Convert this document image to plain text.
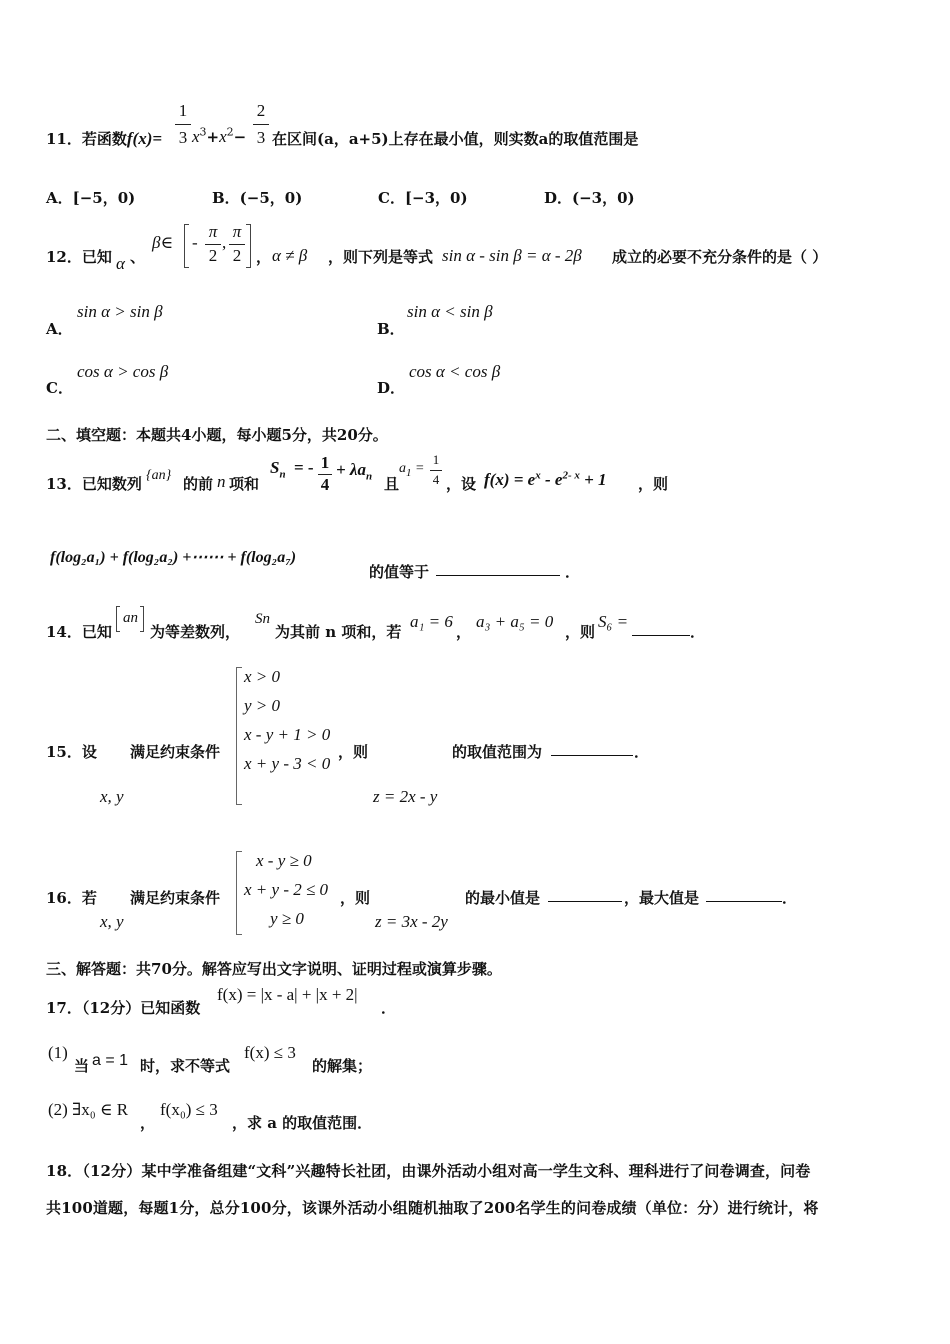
11．若函数f(x)=
1
3 $x^3+x^2-$
2
3 在区间(a，a+5)上存在最小值，则实数a的取值范围是
A．[−5，0)	B．(−5，0)	C．[−3，0)	D．(−3，0)
12．已知 α 、
β∈ -
π
2
,
π
2 ， α ≠ β ，则下列是等式 sin α - sin β = α - 2β 成立的必要不充分条件的是（ ）
A．
sin α > sin β
B．
sin α < sin β
C．
cos α > cos β
D．
cos α < cos β
二、填空题：本题共4小题，每小题5分，共20分。
13．已知数列 {an} 的前 n 项和
$S_n$ = - 1
4
+ $\lambda a_n$ 且
$a_1$ =
1
4 ，设 $f(x) = e^x - e^{2- x} + 1$ ，则
f(log₂a₁) + f(log₂a₂) +⋯⋯ + f(log₂a₇)
的值等于	．
14．已知
an
为等差数列，
Sn
为其前 n 项和，若
a₁ = 6
，
a₃ + a₅ = 0
，则
S₆ =
．
15．设
x, y
满足约束条件
x > 0
y > 0
x - y + 1 > 0
x + y - 3 < 0
，则
z = 2x - y
的取值范围为	．
16．若
x, y
满足约束条件
x - y ≥ 0
x + y - 2 ≤ 0
y ≥ 0
，则
z = 3x - 2y
的最小值是	，最大值是	．
三、解答题：共70分。解答应写出文字说明、证明过程或演算步骤。
17．（12分）已知函数
f(x) = |x - a| + |x + 2|
．
(1)
当 a = 1 时，求不等式
f(x) ≤ 3
的解集；
(2) ∃x₀ ∈ R
，
f(x₀) ≤ 3
，求 a 的取值范围．
18．（12分）某中学准备组建“文科”兴趣特长社团，由课外活动小组对高一学生文科、理科进行了问卷调查，问卷
共100道题，每题1分，总分100分，该课外活动小组随机抽取了200名学生的问卷成绩（单位：分）进行统计，将
